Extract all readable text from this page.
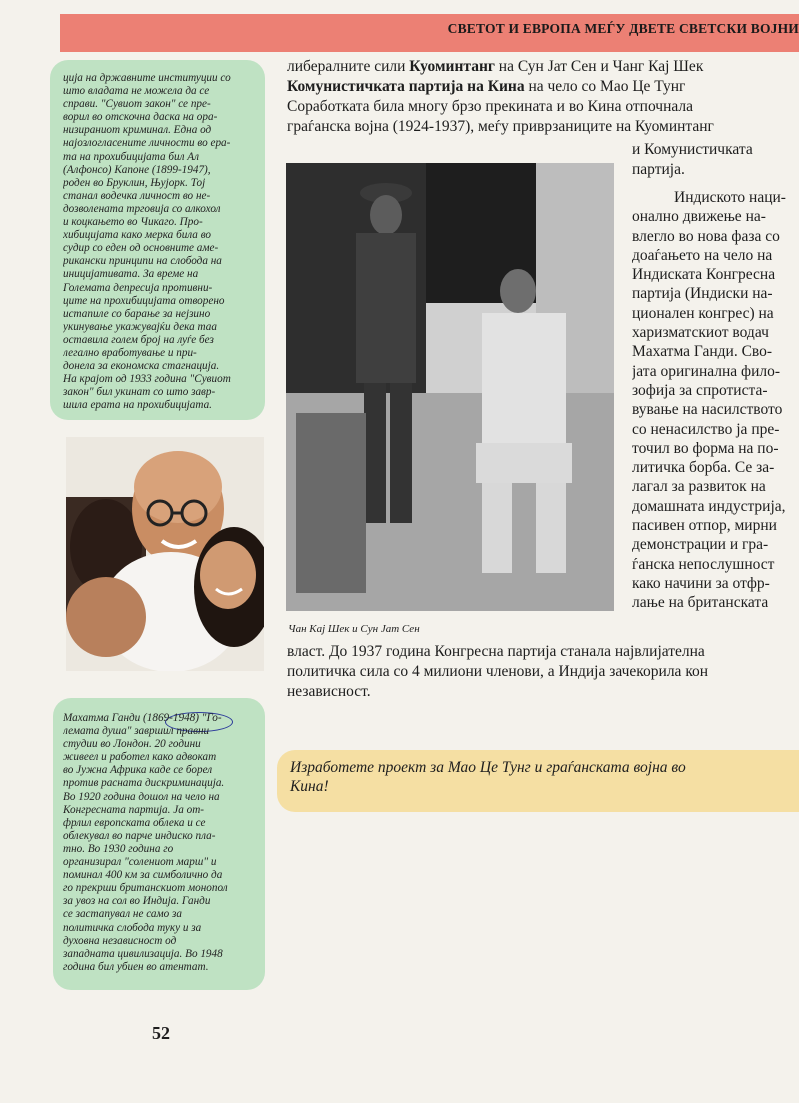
СВЕТОТ И ЕВРОПА МЕЃУ ДВЕТЕ СВЕТСКИ ВОЈНИ
ција на државните институции со
што владата не можела да се
справи. "Сувиот закон" се пре-
ворил во отскочна даска на ора-
низираниот криминал. Една од
најозлогласените личности во ера-
та на прохибицијата бил Ал
(Алфонсо) Капоне (1899-1947),
роден во Бруклин, Њујорк. Тој
станал водечка личност во не-
дозволената трговија со алкохол
и коцкањето во Чикаго. Про-
хибицијата како мерка била во
судир со еден од основните аме-
рикански принципи на слобода на
иницијативата. За време на
Големата депресија противни-
ците на прохибицијата отворено
истапиле со барање за нејзино
укинување укажувајќи дека таа
оставила голем број на луѓе без
легално вработување и при-
донела за економска стагнација.
На крајот од 1933 година "Сувиот
закон" бил укинат со што завр-
шила ерата на прохибицијата.
Махатма Ганди (1869-1948) "Го-
лемата душа" завршил правни
студии во Лондон. 20 години
живеел и работел како адвокат
во Јужна Африка каде се борел
против расната дискриминација.
Во 1920 година дошол на чело на
Конгресната партија. Ја от-
фрлил европската облека и се
облекувал во парче индиско пла-
тно. Во 1930 година го
организирал "солениот марш" и
поминал 400 км за симболично да
го прекрши британскиот монопол
за увоз на сол во Индија. Ганди
се застапувал не само за
политичка слобода туку и за
духовна независност од
западната цивилизација. Во 1948
година бил убиен во атентат.
либералните сили Куоминтанг на Сун Јат Сен и Чанг Кај Шек
Комунистичката партија на Кина на чело со Мао Це Тунг
Соработката била многу брзо прекината и во Кина отпочнала
граѓанска војна (1924-1937), меѓу приврзаниците на Куоминтанг
и Комунистичката
партија.
Чан Кај Шек и Сун Јат Сен
Индиското наци-
онално движење на-
влегло во нова фаза со
доаѓањето на чело на
Индиската Конгресна
партија (Индиски на-
ционален конгрес) на
харизматскиот водач
Махатма Ганди. Сво-
јата оригинална фило-
зофија за спротиста-
вување на насилството
со ненасилство ја пре-
точил во форма на по-
литичка борба. Се за-
лагал за развиток на
домашната индустрија,
пасивен отпор, мирни
демонстрации и гра-
ѓанска непослушност
како начини за отфр-
лање на британската
власт. До 1937 година Конгресна партија станала највлијателна
политичка сила со 4 милиони членови, а Индија зачекорила кон
независност.
Изработете проект за Мао Це Тунг и граѓанската војна во
Кина!
52
